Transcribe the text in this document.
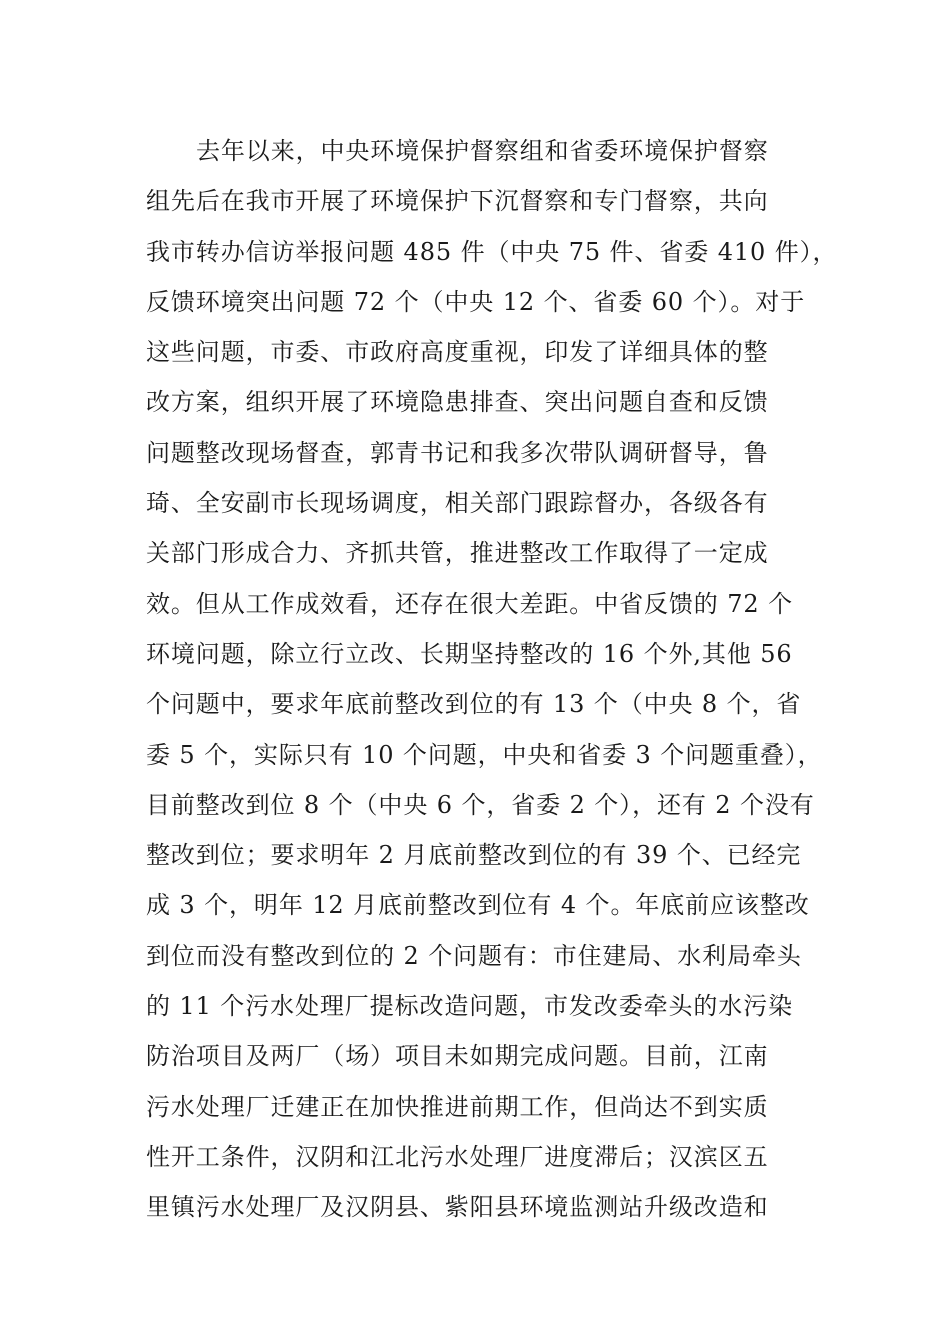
去年以来，中央环境保护督察组和省委环境保护督察
组先后在我市开展了环境保护下沉督察和专门督察，共向
我市转办信访举报问题 485 件（中央 75 件、省委 410 件），
反馈环境突出问题 72 个（中央 12 个、省委 60 个）。对于
这些问题，市委、市政府高度重视，印发了详细具体的整
改方案，组织开展了环境隐患排查、突出问题自查和反馈
问题整改现场督查，郭青书记和我多次带队调研督导，鲁
琦、全安副市长现场调度，相关部门跟踪督办，各级各有
关部门形成合力、齐抓共管，推进整改工作取得了一定成
效。但从工作成效看，还存在很大差距。中省反馈的 72 个
环境问题，除立行立改、长期坚持整改的 16 个外,其他 56
个问题中，要求年底前整改到位的有 13 个（中央 8 个，省
委 5 个，实际只有 10 个问题，中央和省委 3 个问题重叠），
目前整改到位 8 个（中央 6 个，省委 2 个），还有 2 个没有
整改到位；要求明年 2 月底前整改到位的有 39 个、已经完
成 3 个，明年 12 月底前整改到位有 4 个。年底前应该整改
到位而没有整改到位的 2 个问题有：市住建局、水利局牵头
的 11 个污水处理厂提标改造问题，市发改委牵头的水污染
防治项目及两厂（场）项目未如期完成问题。目前，江南
污水处理厂迁建正在加快推进前期工作，但尚达不到实质
性开工条件，汉阴和江北污水处理厂进度滞后；汉滨区五
里镇污水处理厂及汉阴县、紫阳县环境监测站升级改造和
